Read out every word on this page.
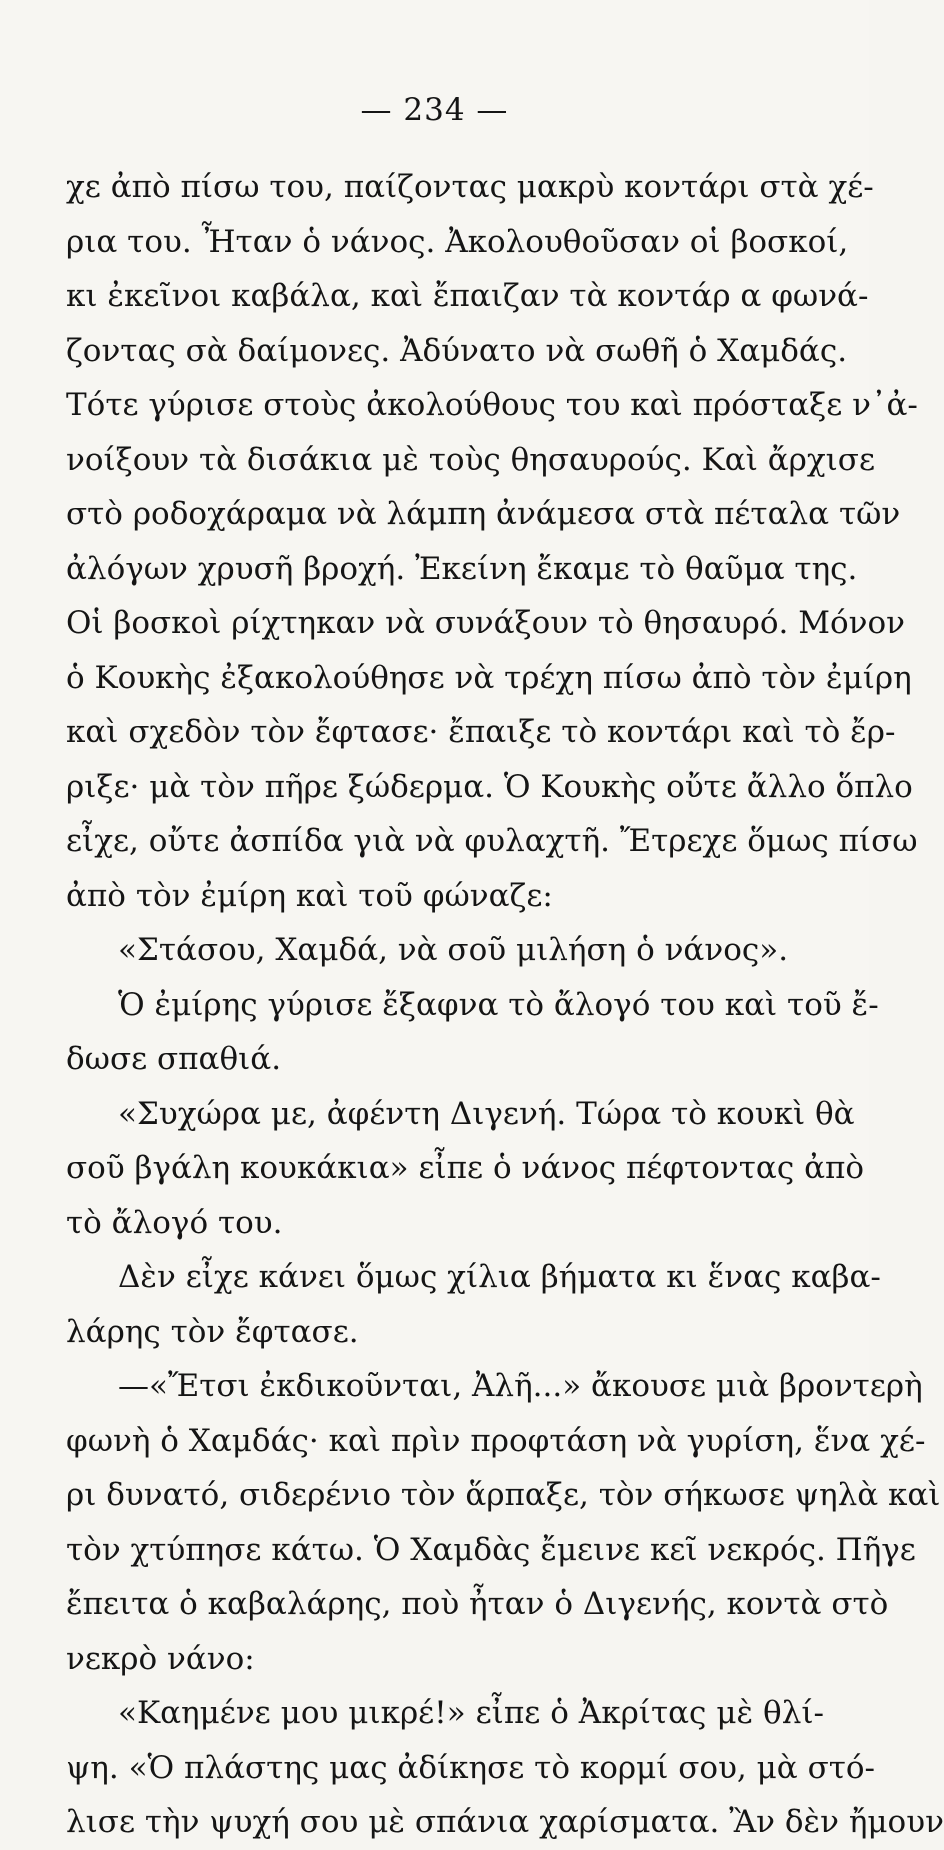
— 234 —
χε ἀπὸ πίσω του, παίζοντας μακρὺ κοντάρι στὰ χέ-
ρια του. Ἦταν ὁ νάνος. Ἀκολουθοῦσαν οἱ βοσκοί,
κι ἐκεῖνοι καβάλα, καὶ ἔπαιζαν τὰ κοντάρ α φωνά-
ζοντας σὰ δαίμονες. Ἀδύνατο νὰ σωθῆ ὁ Χαμδάς.
Τότε γύρισε στοὺς ἀκολούθους του καὶ πρόσταξε ν᾿ἀ-
νοίξουν τὰ δισάκια μὲ τοὺς θησαυρούς. Καὶ ἄρχισε
στὸ ροδοχάραμα νὰ λάμπη ἀνάμεσα στὰ πέταλα τῶν
ἀλόγων χρυσῆ βροχή. Ἐκείνη ἔκαμε τὸ θαῦμα της.
Οἱ βοσκοὶ ρίχτηκαν νὰ συνάξουν τὸ θησαυρό. Μόνον
ὁ Κουκὴς ἐξακολούθησε νὰ τρέχη πίσω ἀπὸ τὸν ἐμίρη
καὶ σχεδὸν τὸν ἔφτασε· ἔπαιξε τὸ κοντάρι καὶ τὸ ἔρ-
ριξε· μὰ τὸν πῆρε ξώδερμα. Ὁ Κουκὴς οὔτε ἄλλο ὅπλο
εἶχε, οὔτε ἀσπίδα γιὰ νὰ φυλαχτῆ. Ἔτρεχε ὅμως πίσω
ἀπὸ τὸν ἐμίρη καὶ τοῦ φώναζε:
«Στάσου, Χαμδά, νὰ σοῦ μιλήση ὁ νάνος».
Ὁ ἐμίρης γύρισε ἔξαφνα τὸ ἄλογό του καὶ τοῦ ἔ-
δωσε σπαθιά.
«Συχώρα με, ἀφέντη Διγενή. Τώρα τὸ κουκὶ θὰ
σοῦ βγάλη κουκάκια» εἶπε ὁ νάνος πέφτοντας ἀπὸ
τὸ ἄλογό του.
Δὲν εἶχε κάνει ὅμως χίλια βήματα κι ἕνας καβα-
λάρης τὸν ἔφτασε.
—«Ἔτσι ἐκδικοῦνται, Ἀλῆ...» ἄκουσε μιὰ βροντερὴ
φωνὴ ὁ Χαμδάς· καὶ πρὶν προφτάση νὰ γυρίση, ἕνα χέ-
ρι δυνατό, σιδερένιο τὸν ἅρπαξε, τὸν σήκωσε ψηλὰ καὶ
τὸν χτύπησε κάτω. Ὁ Χαμδὰς ἔμεινε κεῖ νεκρός. Πῆγε
ἔπειτα ὁ καβαλάρης, ποὺ ἦταν ὁ Διγενής, κοντὰ στὸ
νεκρὸ νάνο:
«Καημένε μου μικρέ!» εἶπε ὁ Ἀκρίτας μὲ θλί-
ψη. «Ὁ πλάστης μας ἀδίκησε τὸ κορμί σου, μὰ στό-
λισε τὴν ψυχή σου μὲ σπάνια χαρίσματα. Ἂν δὲν ἤμουν
